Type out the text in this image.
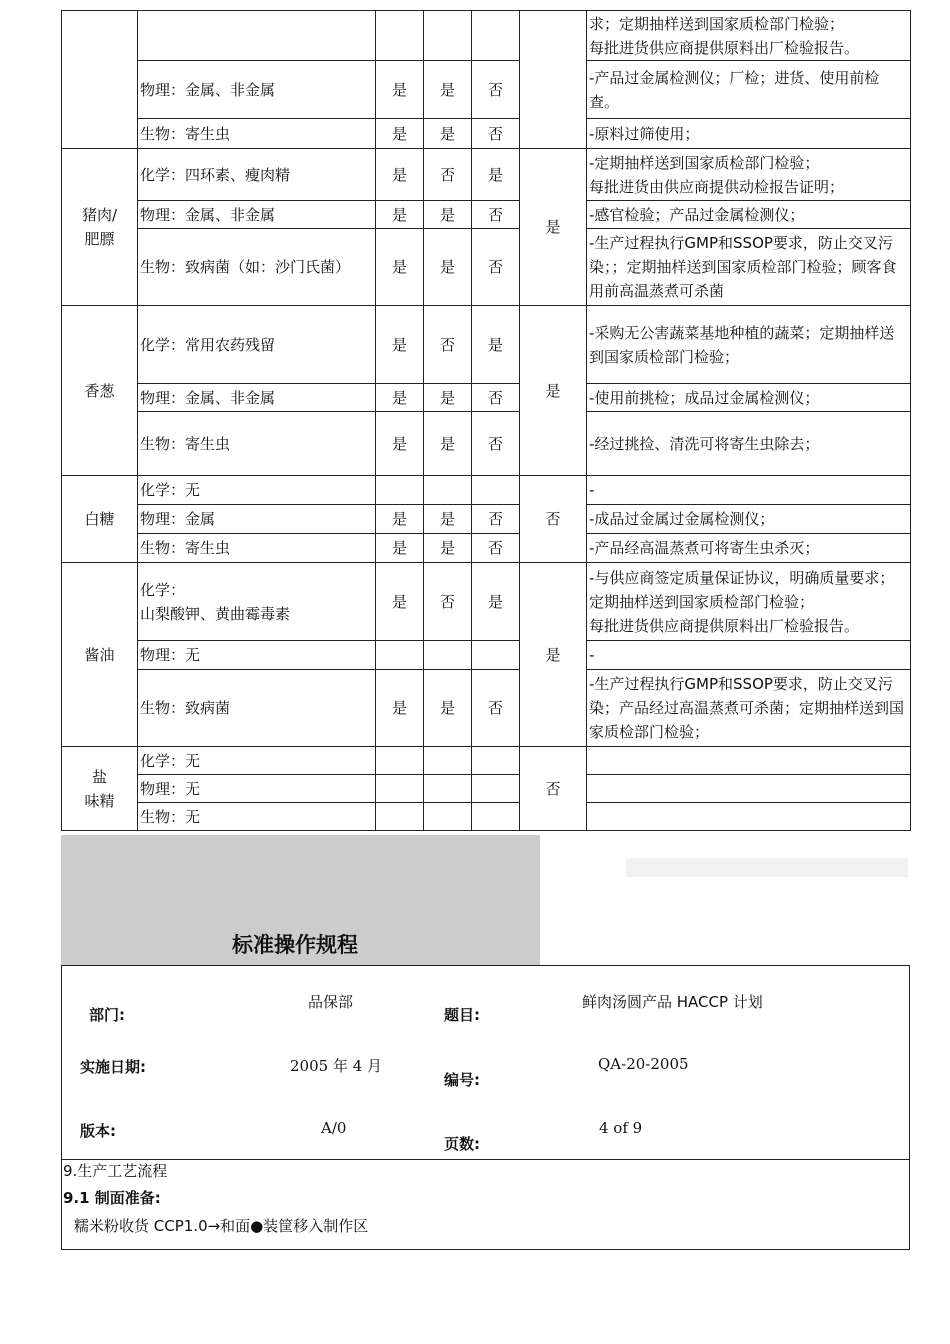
						求；定期抽样送到国家质检部门检验；
每批进货供应商提供原料出厂检验报告。
	物理：金属、非金属	是	是	否		-产品过金属检测仪；厂检；进货、使用前检查。
	生物：寄生虫	是	是	否		-原料过筛使用；
猪肉/
肥膘	化学：四环素、瘦肉精	是	否	是	是	-定期抽样送到国家质检部门检验；
每批进货由供应商提供动检报告证明；
	物理：金属、非金属	是	是	否		-感官检验；产品过金属检测仪；
	生物：致病菌（如：沙门氏菌）	是	是	否		-生产过程执行GMP和SSOP要求，防止交叉污染；；定期抽样送到国家质检部门检验；顾客食用前高温蒸煮可杀菌
香葱	化学：常用农药残留	是	否	是	是	-采购无公害蔬菜基地种植的蔬菜；定期抽样送到国家质检部门检验；
	物理：金属、非金属	是	是	否		-使用前挑检；成品过金属检测仪；
	生物：寄生虫	是	是	否		-经过挑捡、清洗可将寄生虫除去；
白糖	化学：无				否	-
	物理：金属	是	是	否		-成品过金属过金属检测仪；
	生物：寄生虫	是	是	否		-产品经高温蒸煮可将寄生虫杀灭；
酱油	化学：
山梨酸钾、黄曲霉毒素	是	否	是	是	-与供应商签定质量保证协议，明确质量要求；定期抽样送到国家质检部门检验；
每批进货供应商提供原料出厂检验报告。
	物理：无					-
	生物：致病菌	是	是	否		-生产过程执行GMP和SSOP要求，防止交叉污染；产品经过高温蒸煮可杀菌；定期抽样送到国家质检部门检验；
盐
味精	化学：无				否	
	物理：无					
	生物：无					
标准操作规程
部门:
品保部
题目:
鲜肉汤圆产品 HACCP 计划
实施日期:	2005 年 4 月
编号:
QA-20-2005
版本:	A/0
页数:
4 of 9
9.生产工艺流程
9.1 制面准备:
糯米粉收货 CCP1.0→和面●装筐移入制作区
